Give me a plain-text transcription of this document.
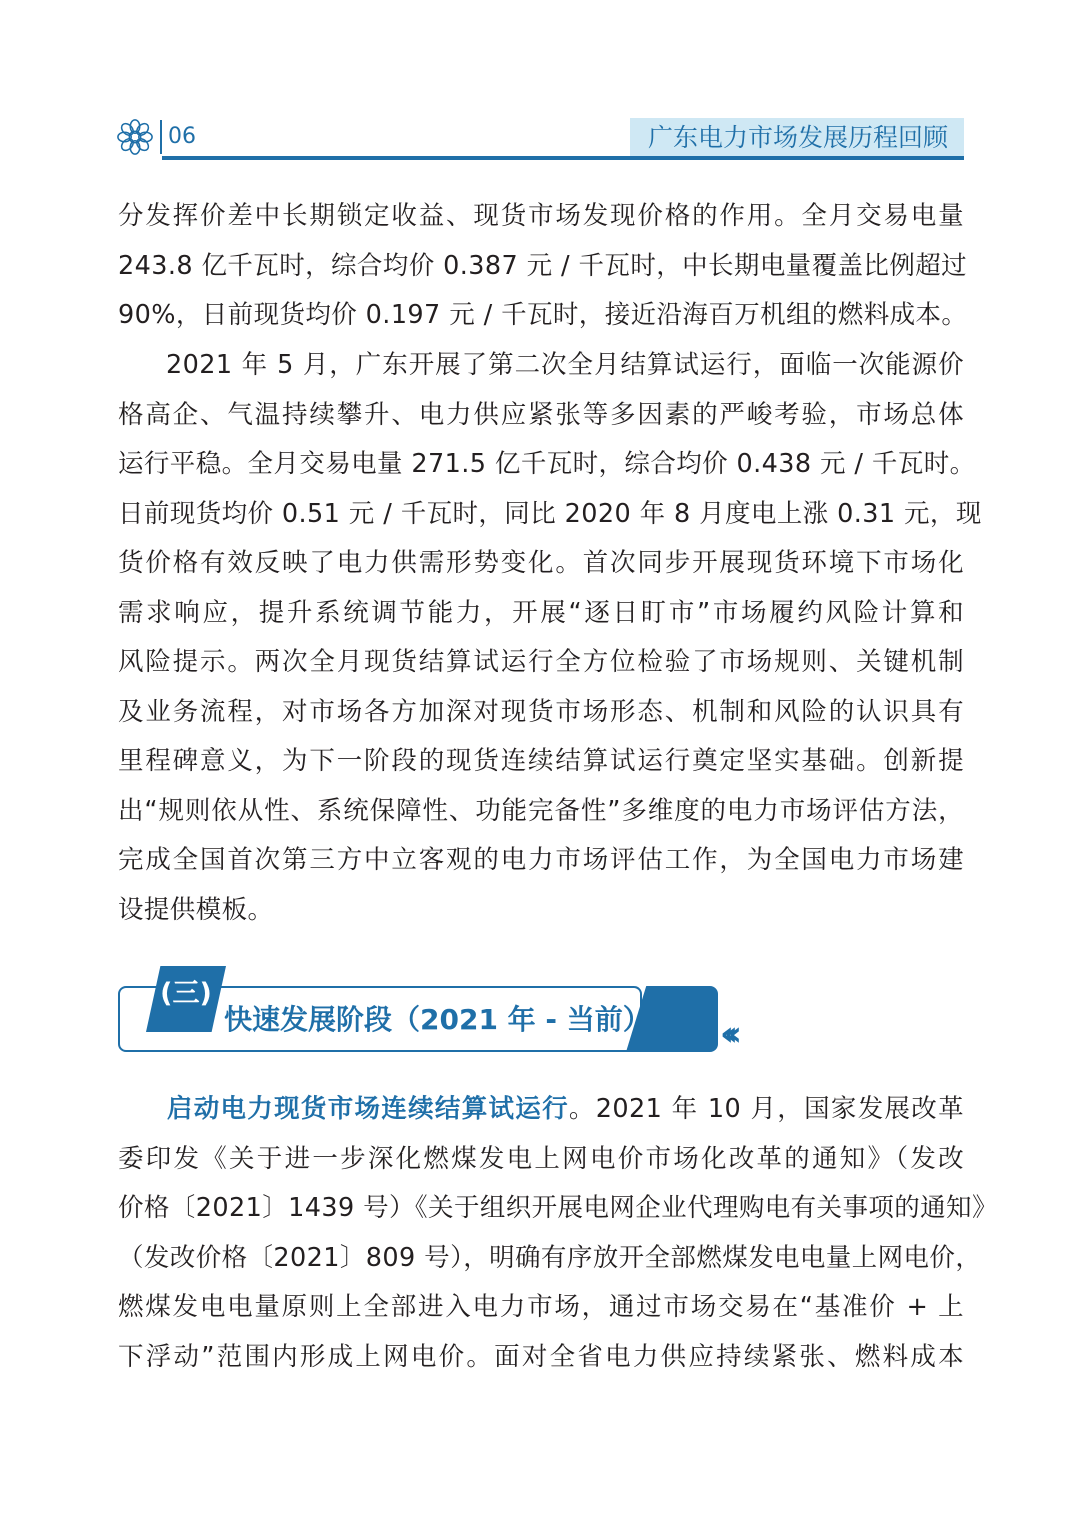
06	广东电力市场发展历程回顾
分发挥价差中长期锁定收益、现货市场发现价格的作用。全月交易电量
243.8 亿千瓦时，综合均价 0.387 元 / 千瓦时，中长期电量覆盖比例超过
90%，日前现货均价 0.197 元 / 千瓦时，接近沿海百万机组的燃料成本。
2021 年 5 月，广东开展了第二次全月结算试运行，面临一次能源价
格高企、气温持续攀升、电力供应紧张等多因素的严峻考验，市场总体
运行平稳。全月交易电量 271.5 亿千瓦时，综合均价 0.438 元 / 千瓦时。
日前现货均价 0.51 元 / 千瓦时，同比 2020 年 8 月度电上涨 0.31 元，现
货价格有效反映了电力供需形势变化。首次同步开展现货环境下市场化
需求响应，提升系统调节能力，开展“逐日盯市”市场履约风险计算和
风险提示。两次全月现货结算试运行全方位检验了市场规则、关键机制
及业务流程，对市场各方加深对现货市场形态、机制和风险的认识具有
里程碑意义，为下一阶段的现货连续结算试运行奠定坚实基础。创新提
出“规则依从性、系统保障性、功能完备性”多维度的电力市场评估方法，
完成全国首次第三方中立客观的电力市场评估工作，为全国电力市场建
设提供模板。
(三)
快速发展阶段（2021 年 - 当前） ‹‹‹
启动电力现货市场连续结算试运行。2021 年 10 月，国家发展改革
委印发《关于进一步深化燃煤发电上网电价市场化改革的通知》（发改
价格〔2021〕1439 号）《关于组织开展电网企业代理购电有关事项的通知》
（发改价格〔2021〕809 号），明确有序放开全部燃煤发电电量上网电价，
燃煤发电电量原则上全部进入电力市场，通过市场交易在“基准价 + 上
下浮动”范围内形成上网电价。面对全省电力供应持续紧张、燃料成本
